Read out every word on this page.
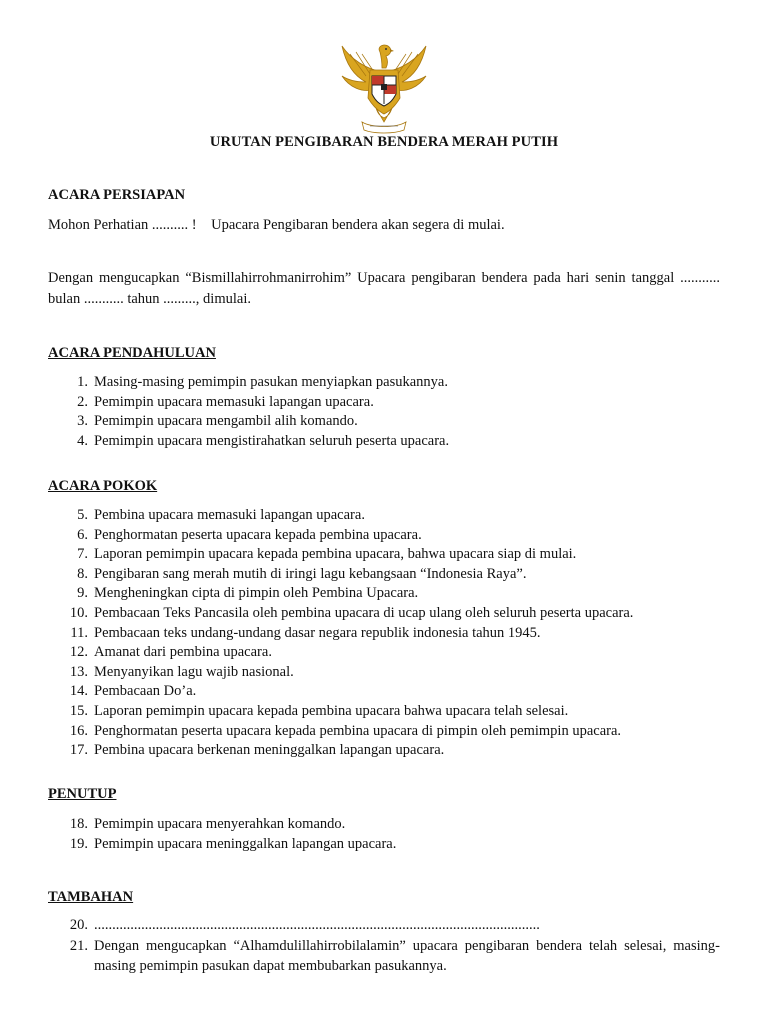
URUTAN PENGIBARAN BENDERA MERAH PUTIH
ACARA PERSIAPAN
Mohon Perhatian .......... !    Upacara Pengibaran bendera akan segera di mulai.
Dengan mengucapkan “Bismillahirrohmanirrohim” Upacara pengibaran bendera pada hari senin tanggal ........... bulan ........... tahun ........., dimulai.
ACARA PENDAHULUAN
1. Masing-masing pemimpin pasukan menyiapkan pasukannya.
2. Pemimpin upacara memasuki lapangan upacara.
3. Pemimpin upacara mengambil alih komando.
4. Pemimpin upacara mengistirahatkan seluruh peserta upacara.
ACARA POKOK
5. Pembina upacara memasuki lapangan upacara.
6. Penghormatan peserta upacara kepada pembina upacara.
7. Laporan pemimpin upacara kepada pembina upacara, bahwa upacara siap di mulai.
8. Pengibaran sang merah mutih di iringi lagu kebangsaan “Indonesia Raya”.
9. Mengheningkan cipta di pimpin oleh Pembina Upacara.
10. Pembacaan Teks Pancasila oleh pembina upacara di ucap ulang oleh seluruh peserta upacara.
11. Pembacaan teks undang-undang dasar negara republik indonesia tahun 1945.
12. Amanat dari pembina upacara.
13. Menyanyikan lagu wajib nasional.
14. Pembacaan Do’a.
15. Laporan pemimpin upacara kepada pembina upacara bahwa upacara telah selesai.
16. Penghormatan peserta upacara kepada pembina upacara di pimpin oleh pemimpin upacara.
17. Pembina upacara berkenan meninggalkan lapangan upacara.
PENUTUP
18. Pemimpin upacara menyerahkan komando.
19. Pemimpin upacara meninggalkan lapangan upacara.
TAMBAHAN
20. ...........................................................................................................................
21. Dengan mengucapkan “Alhamdulillahirrobilalamin” upacara pengibaran bendera telah selesai, masing-masing pemimpin pasukan dapat membubarkan pasukannya.
